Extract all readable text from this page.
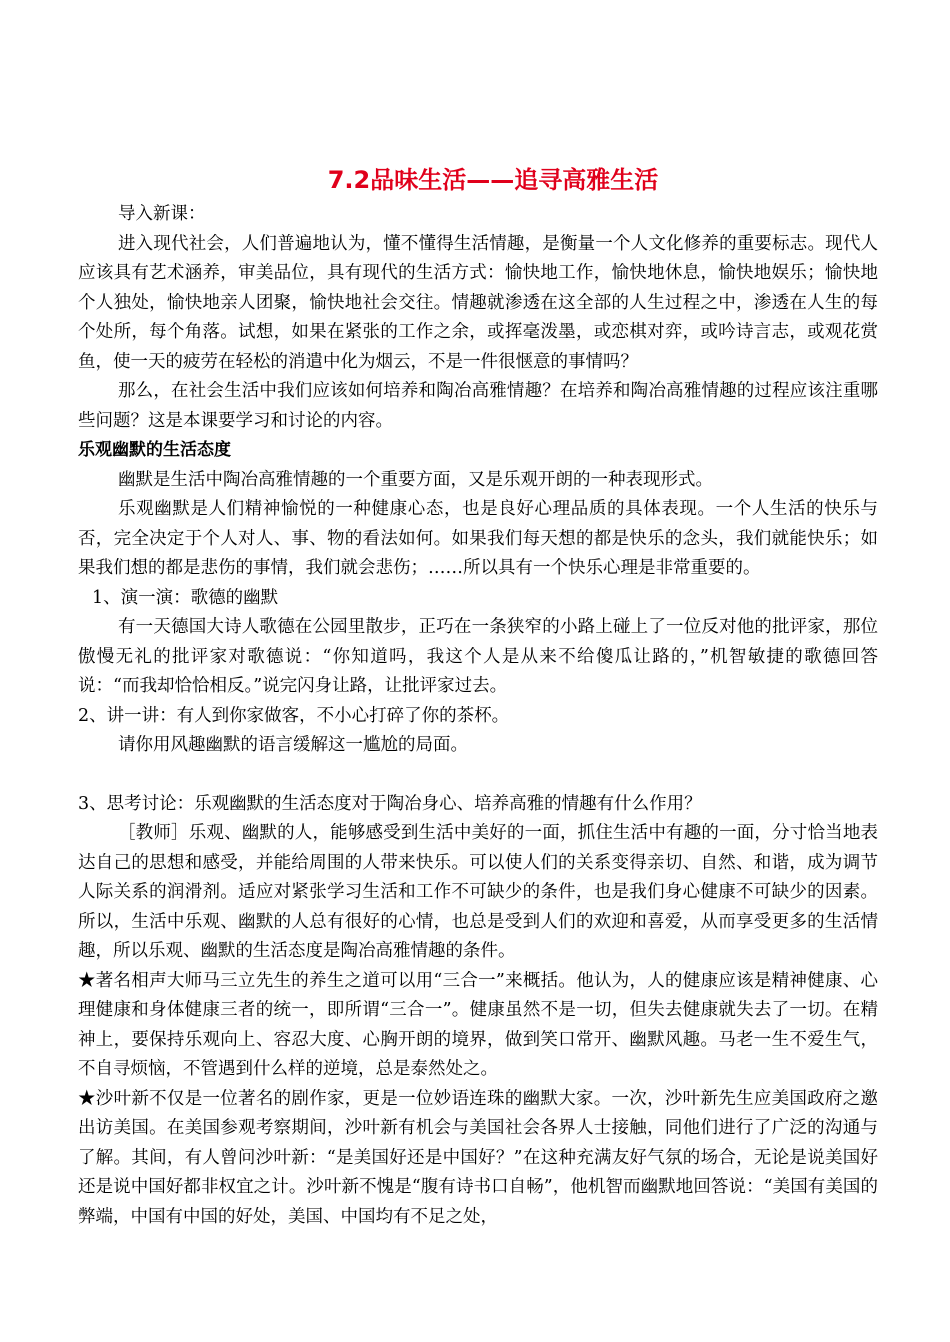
7.2品味生活——追寻高雅生活

导入新课：

进入现代社会，人们普遍地认为，懂不懂得生活情趣，是衡量一个人文化修养的重要标志。现代人应该具有艺术涵养，审美品位，具有现代的生活方式：愉快地工作，愉快地休息，愉快地娱乐；愉快地个人独处，愉快地亲人团聚，愉快地社会交往。情趣就渗透在这全部的人生过程之中，渗透在人生的每个处所，每个角落。试想，如果在紧张的工作之余，或挥毫泼墨，或恋棋对弈，或吟诗言志，或观花赏鱼，使一天的疲劳在轻松的消遣中化为烟云，不是一件很惬意的事情吗？

那么，在社会生活中我们应该如何培养和陶冶高雅情趣？在培养和陶冶高雅情趣的过程应该注重哪些问题？这是本课要学习和讨论的内容。

乐观幽默的生活态度

幽默是生活中陶冶高雅情趣的一个重要方面，又是乐观开朗的一种表现形式。

乐观幽默是人们精神愉悦的一种健康心态，也是良好心理品质的具体表现。一个人生活的快乐与否，完全决定于个人对人、事、物的看法如何。如果我们每天想的都是快乐的念头，我们就能快乐；如果我们想的都是悲伤的事情，我们就会悲伤；……所以具有一个快乐心理是非常重要的。

1、演一演：歌德的幽默

有一天德国大诗人歌德在公园里散步，正巧在一条狭窄的小路上碰上了一位反对他的批评家，那位傲慢无礼的批评家对歌德说：“你知道吗，我这个人是从来不给傻瓜让路的，”机智敏捷的歌德回答说：“而我却恰恰相反。”说完闪身让路，让批评家过去。

2、讲一讲：有人到你家做客，不小心打碎了你的茶杯。

请你用风趣幽默的语言缓解这一尴尬的局面。

3、思考讨论：乐观幽默的生活态度对于陶冶身心、培养高雅的情趣有什么作用？

［教师］乐观、幽默的人，能够感受到生活中美好的一面，抓住生活中有趣的一面，分寸恰当地表达自己的思想和感受，并能给周围的人带来快乐。可以使人们的关系变得亲切、自然、和谐，成为调节人际关系的润滑剂。适应对紧张学习生活和工作不可缺少的条件，也是我们身心健康不可缺少的因素。所以，生活中乐观、幽默的人总有很好的心情，也总是受到人们的欢迎和喜爱，从而享受更多的生活情趣，所以乐观、幽默的生活态度是陶冶高雅情趣的条件。

★著名相声大师马三立先生的养生之道可以用“三合一”来概括。他认为，人的健康应该是精神健康、心理健康和身体健康三者的统一，即所谓“三合一”。健康虽然不是一切，但失去健康就失去了一切。在精神上，要保持乐观向上、容忍大度、心胸开朗的境界，做到笑口常开、幽默风趣。马老一生不爱生气，不自寻烦恼，不管遇到什么样的逆境，总是泰然处之。

★沙叶新不仅是一位著名的剧作家，更是一位妙语连珠的幽默大家。一次，沙叶新先生应美国政府之邀出访美国。在美国参观考察期间，沙叶新有机会与美国社会各界人士接触，同他们进行了广泛的沟通与了解。其间，有人曾问沙叶新：“是美国好还是中国好？”在这种充满友好气氛的场合，无论是说美国好还是说中国好都非权宜之计。沙叶新不愧是“腹有诗书口自畅”，他机智而幽默地回答说：“美国有美国的弊端，中国有中国的好处，美国、中国均有不足之处，
